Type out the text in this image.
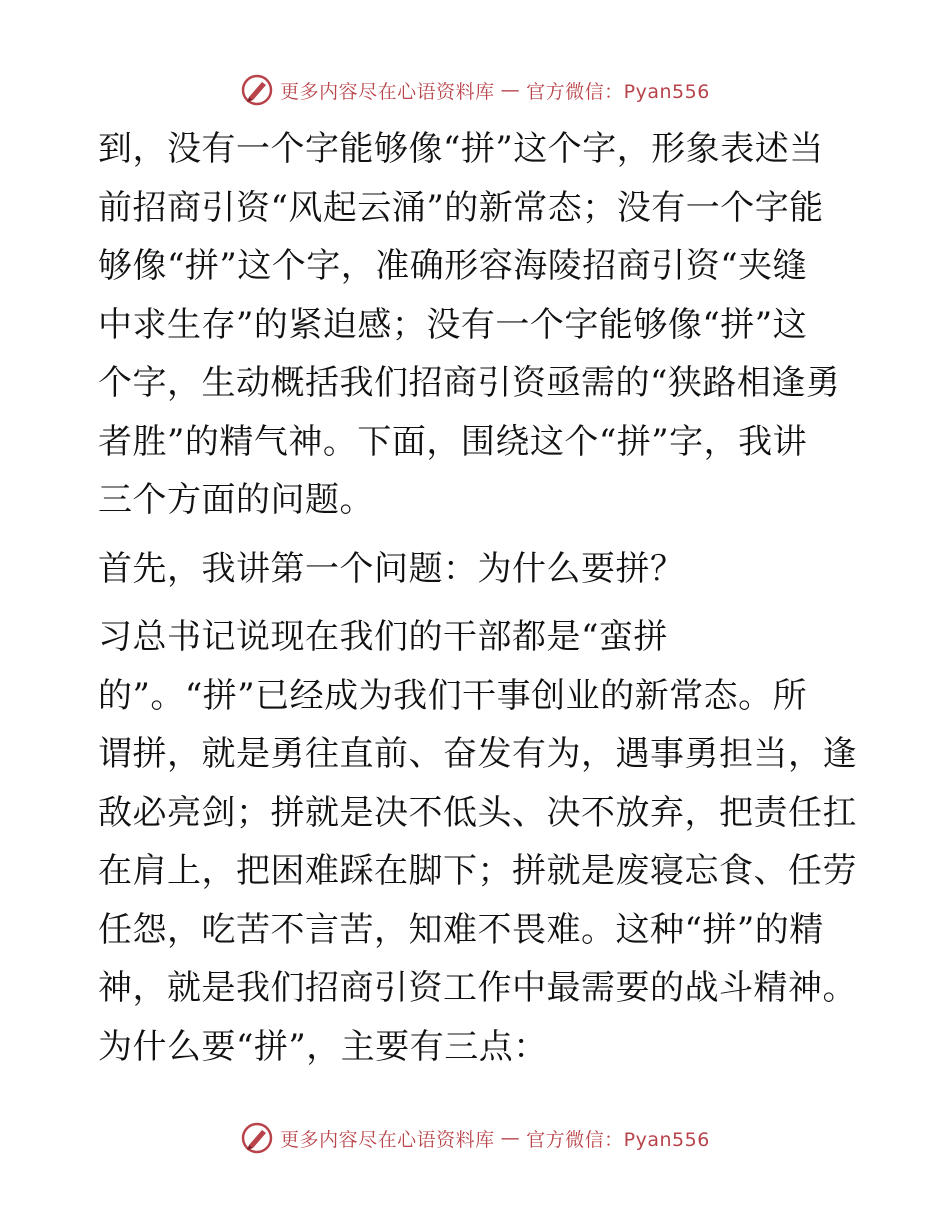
更多内容尽在心语资料库 — 官方微信：Pyan556

到，没有一个字能够像“拼”这个字，形象表述当
前招商引资“风起云涌”的新常态；没有一个字能
够像“拼”这个字，准确形容海陵招商引资“夹缝
中求生存”的紧迫感；没有一个字能够像“拼”这
个字，生动概括我们招商引资亟需的“狭路相逢勇
者胜”的精气神。下面，围绕这个“拼”字，我讲
三个方面的问题。

首先，我讲第一个问题：为什么要拼？

习总书记说现在我们的干部都是“蛮拼
的”。“拼”已经成为我们干事创业的新常态。所
谓拼，就是勇往直前、奋发有为，遇事勇担当，逢
敌必亮剑；拼就是决不低头、决不放弃，把责任扛
在肩上，把困难踩在脚下；拼就是废寝忘食、任劳
任怨，吃苦不言苦，知难不畏难。这种“拼”的精
神，就是我们招商引资工作中最需要的战斗精神。
为什么要“拼”，主要有三点：

更多内容尽在心语资料库 — 官方微信：Pyan556
